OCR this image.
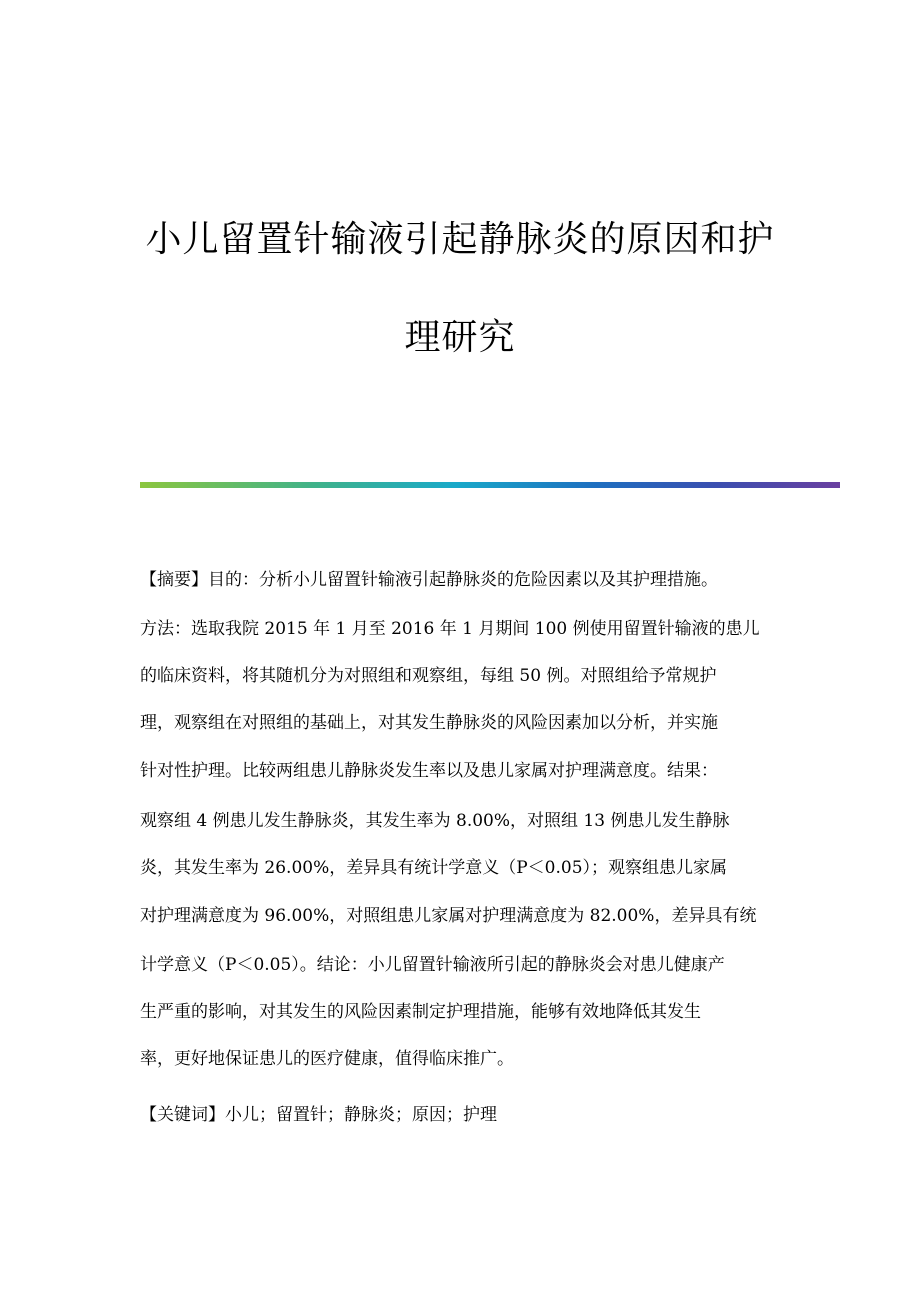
小儿留置针输液引起静脉炎的原因和护
理研究
【摘要】目的：分析小儿留置针输液引起静脉炎的危险因素以及其护理措施。
方法：选取我院 2015 年 1 月至 2016 年 1 月期间 100 例使用留置针输液的患儿
的临床资料，将其随机分为对照组和观察组，每组 50 例。对照组给予常规护
理，观察组在对照组的基础上，对其发生静脉炎的风险因素加以分析，并实施
针对性护理。比较两组患儿静脉炎发生率以及患儿家属对护理满意度。结果：
观察组 4 例患儿发生静脉炎，其发生率为 8.00%，对照组 13 例患儿发生静脉
炎，其发生率为 26.00%，差异具有统计学意义（P＜0.05）；观察组患儿家属
对护理满意度为 96.00%，对照组患儿家属对护理满意度为 82.00%，差异具有统
计学意义（P＜0.05）。结论：小儿留置针输液所引起的静脉炎会对患儿健康产
生严重的影响，对其发生的风险因素制定护理措施，能够有效地降低其发生
率，更好地保证患儿的医疗健康，值得临床推广。
【关键词】小儿；留置针；静脉炎；原因；护理
